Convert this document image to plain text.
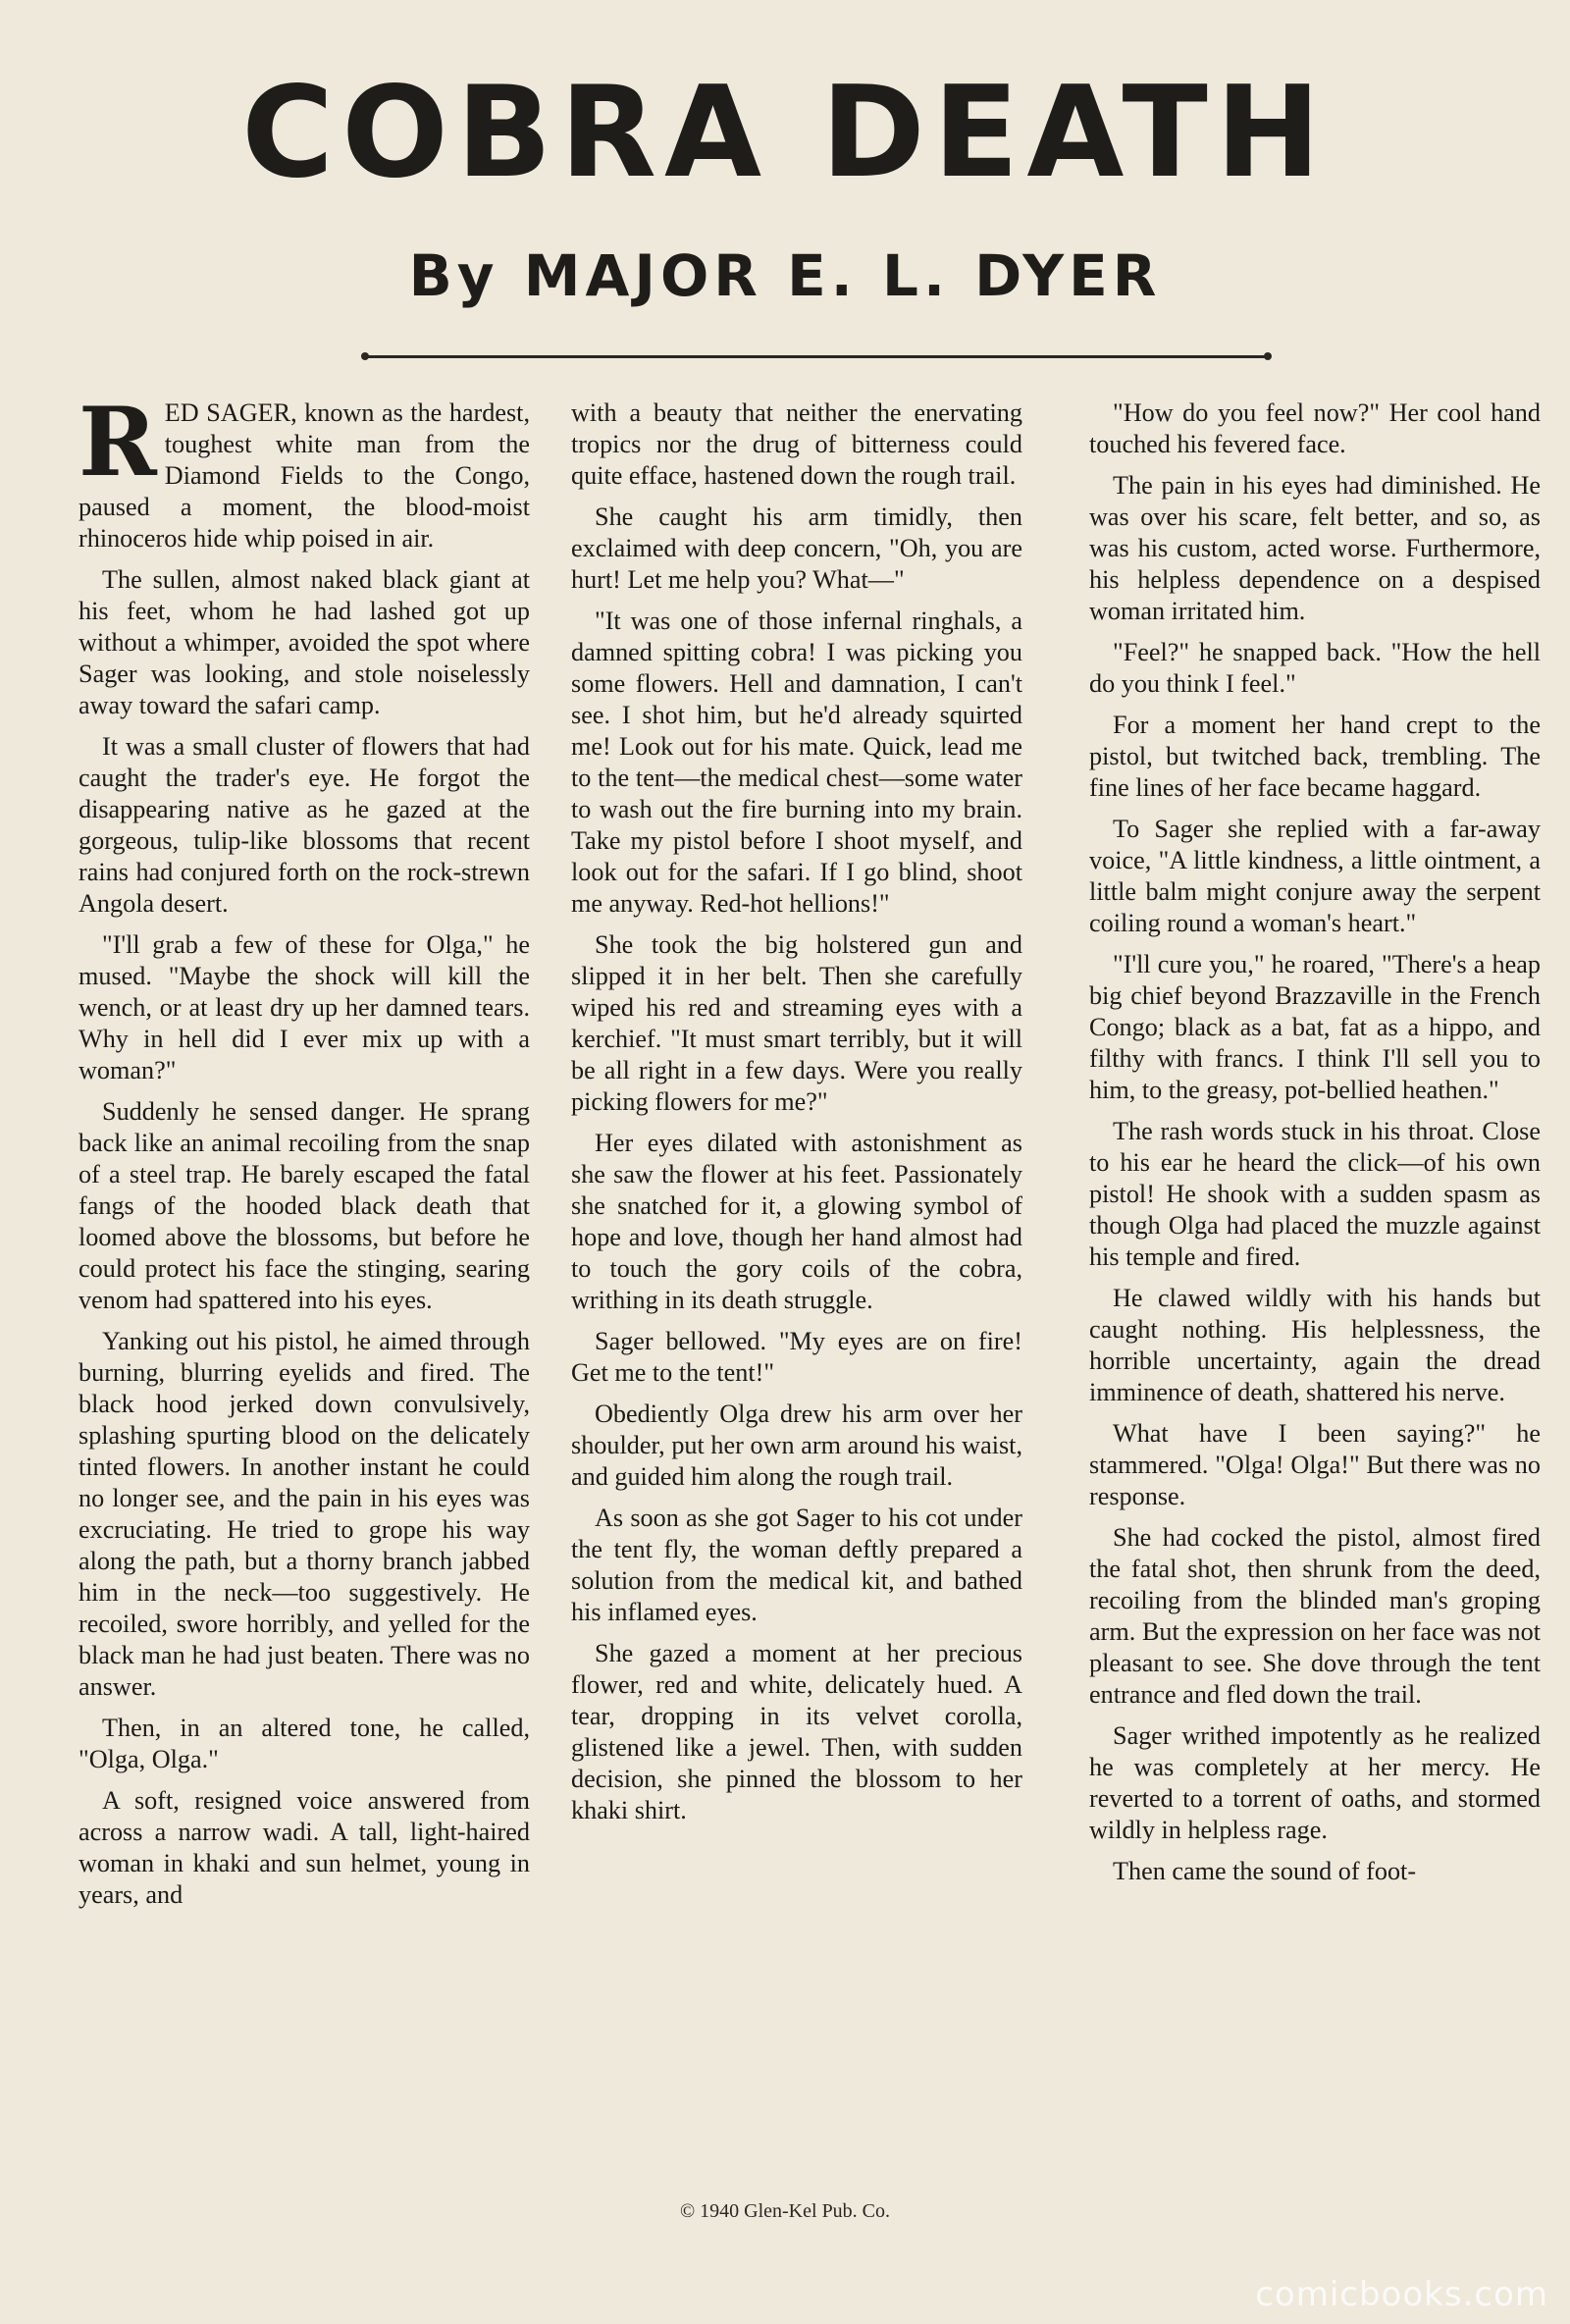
COBRA DEATH
By MAJOR E. L. DYER

RED SAGER, known as the hardest, toughest white man from the Diamond Fields to the Congo, paused a moment, the blood-moist rhinoceros hide whip poised in air.

The sullen, almost naked black giant at his feet, whom he had lashed got up without a whimper, avoided the spot where Sager was looking, and stole noiselessly away toward the safari camp.

It was a small cluster of flowers that had caught the trader's eye. He forgot the disappearing native as he gazed at the gorgeous, tulip-like blossoms that recent rains had conjured forth on the rock-strewn Angola desert.

"I'll grab a few of these for Olga," he mused. "Maybe the shock will kill the wench, or at least dry up her damned tears. Why in hell did I ever mix up with a woman?"

Suddenly he sensed danger. He sprang back like an animal recoiling from the snap of a steel trap. He barely escaped the fatal fangs of the hooded black death that loomed above the blossoms, but before he could protect his face the stinging, searing venom had spattered into his eyes.

Yanking out his pistol, he aimed through burning, blurring eyelids and fired. The black hood jerked down convulsively, splashing spurting blood on the delicately tinted flowers. In another instant he could no longer see, and the pain in his eyes was excruciating. He tried to grope his way along the path, but a thorny branch jabbed him in the neck—too suggestively. He recoiled, swore horribly, and yelled for the black man he had just beaten. There was no answer.

Then, in an altered tone, he called, "Olga, Olga."

A soft, resigned voice answered from across a narrow wadi. A tall, light-haired woman in khaki and sun helmet, young in years, and

with a beauty that neither the enervating tropics nor the drug of bitterness could quite efface, hastened down the rough trail.

She caught his arm timidly, then exclaimed with deep concern, "Oh, you are hurt! Let me help you? What—"

"It was one of those infernal ringhals, a damned spitting cobra! I was picking you some flowers. Hell and damnation, I can't see. I shot him, but he'd already squirted me! Look out for his mate. Quick, lead me to the tent—the medical chest—some water to wash out the fire burning into my brain. Take my pistol before I shoot myself, and look out for the safari. If I go blind, shoot me anyway. Red-hot hellions!"

She took the big holstered gun and slipped it in her belt. Then she carefully wiped his red and streaming eyes with a kerchief. "It must smart terribly, but it will be all right in a few days. Were you really picking flowers for me?"

Her eyes dilated with astonishment as she saw the flower at his feet. Passionately she snatched for it, a glowing symbol of hope and love, though her hand almost had to touch the gory coils of the cobra, writhing in its death struggle.

Sager bellowed. "My eyes are on fire! Get me to the tent!"

Obediently Olga drew his arm over her shoulder, put her own arm around his waist, and guided him along the rough trail.

As soon as she got Sager to his cot under the tent fly, the woman deftly prepared a solution from the medical kit, and bathed his inflamed eyes.

She gazed a moment at her precious flower, red and white, delicately hued. A tear, dropping in its velvet corolla, glistened like a jewel. Then, with sudden decision, she pinned the blossom to her khaki shirt.

"How do you feel now?" Her cool hand touched his fevered face.

The pain in his eyes had diminished. He was over his scare, felt better, and so, as was his custom, acted worse. Furthermore, his helpless dependence on a despised woman irritated him.

"Feel?" he snapped back. "How the hell do you think I feel."

For a moment her hand crept to the pistol, but twitched back, trembling. The fine lines of her face became haggard.

To Sager she replied with a far-away voice, "A little kindness, a little ointment, a little balm might conjure away the serpent coiling round a woman's heart."

"I'll cure you," he roared, "There's a heap big chief beyond Brazzaville in the French Congo; black as a bat, fat as a hippo, and filthy with francs. I think I'll sell you to him, to the greasy, pot-bellied heathen."

The rash words stuck in his throat. Close to his ear he heard the click—of his own pistol! He shook with a sudden spasm as though Olga had placed the muzzle against his temple and fired.

He clawed wildly with his hands but caught nothing. His helplessness, the horrible uncertainty, again the dread imminence of death, shattered his nerve.

What have I been saying?" he stammered. "Olga! Olga!" But there was no response.

She had cocked the pistol, almost fired the fatal shot, then shrunk from the deed, recoiling from the blinded man's groping arm. But the expression on her face was not pleasant to see. She dove through the tent entrance and fled down the trail.

Sager writhed impotently as he realized he was completely at her mercy. He reverted to a torrent of oaths, and stormed wildly in helpless rage.

Then came the sound of foot-

© 1940 Glen-Kel Pub. Co.
comicbooks.com
